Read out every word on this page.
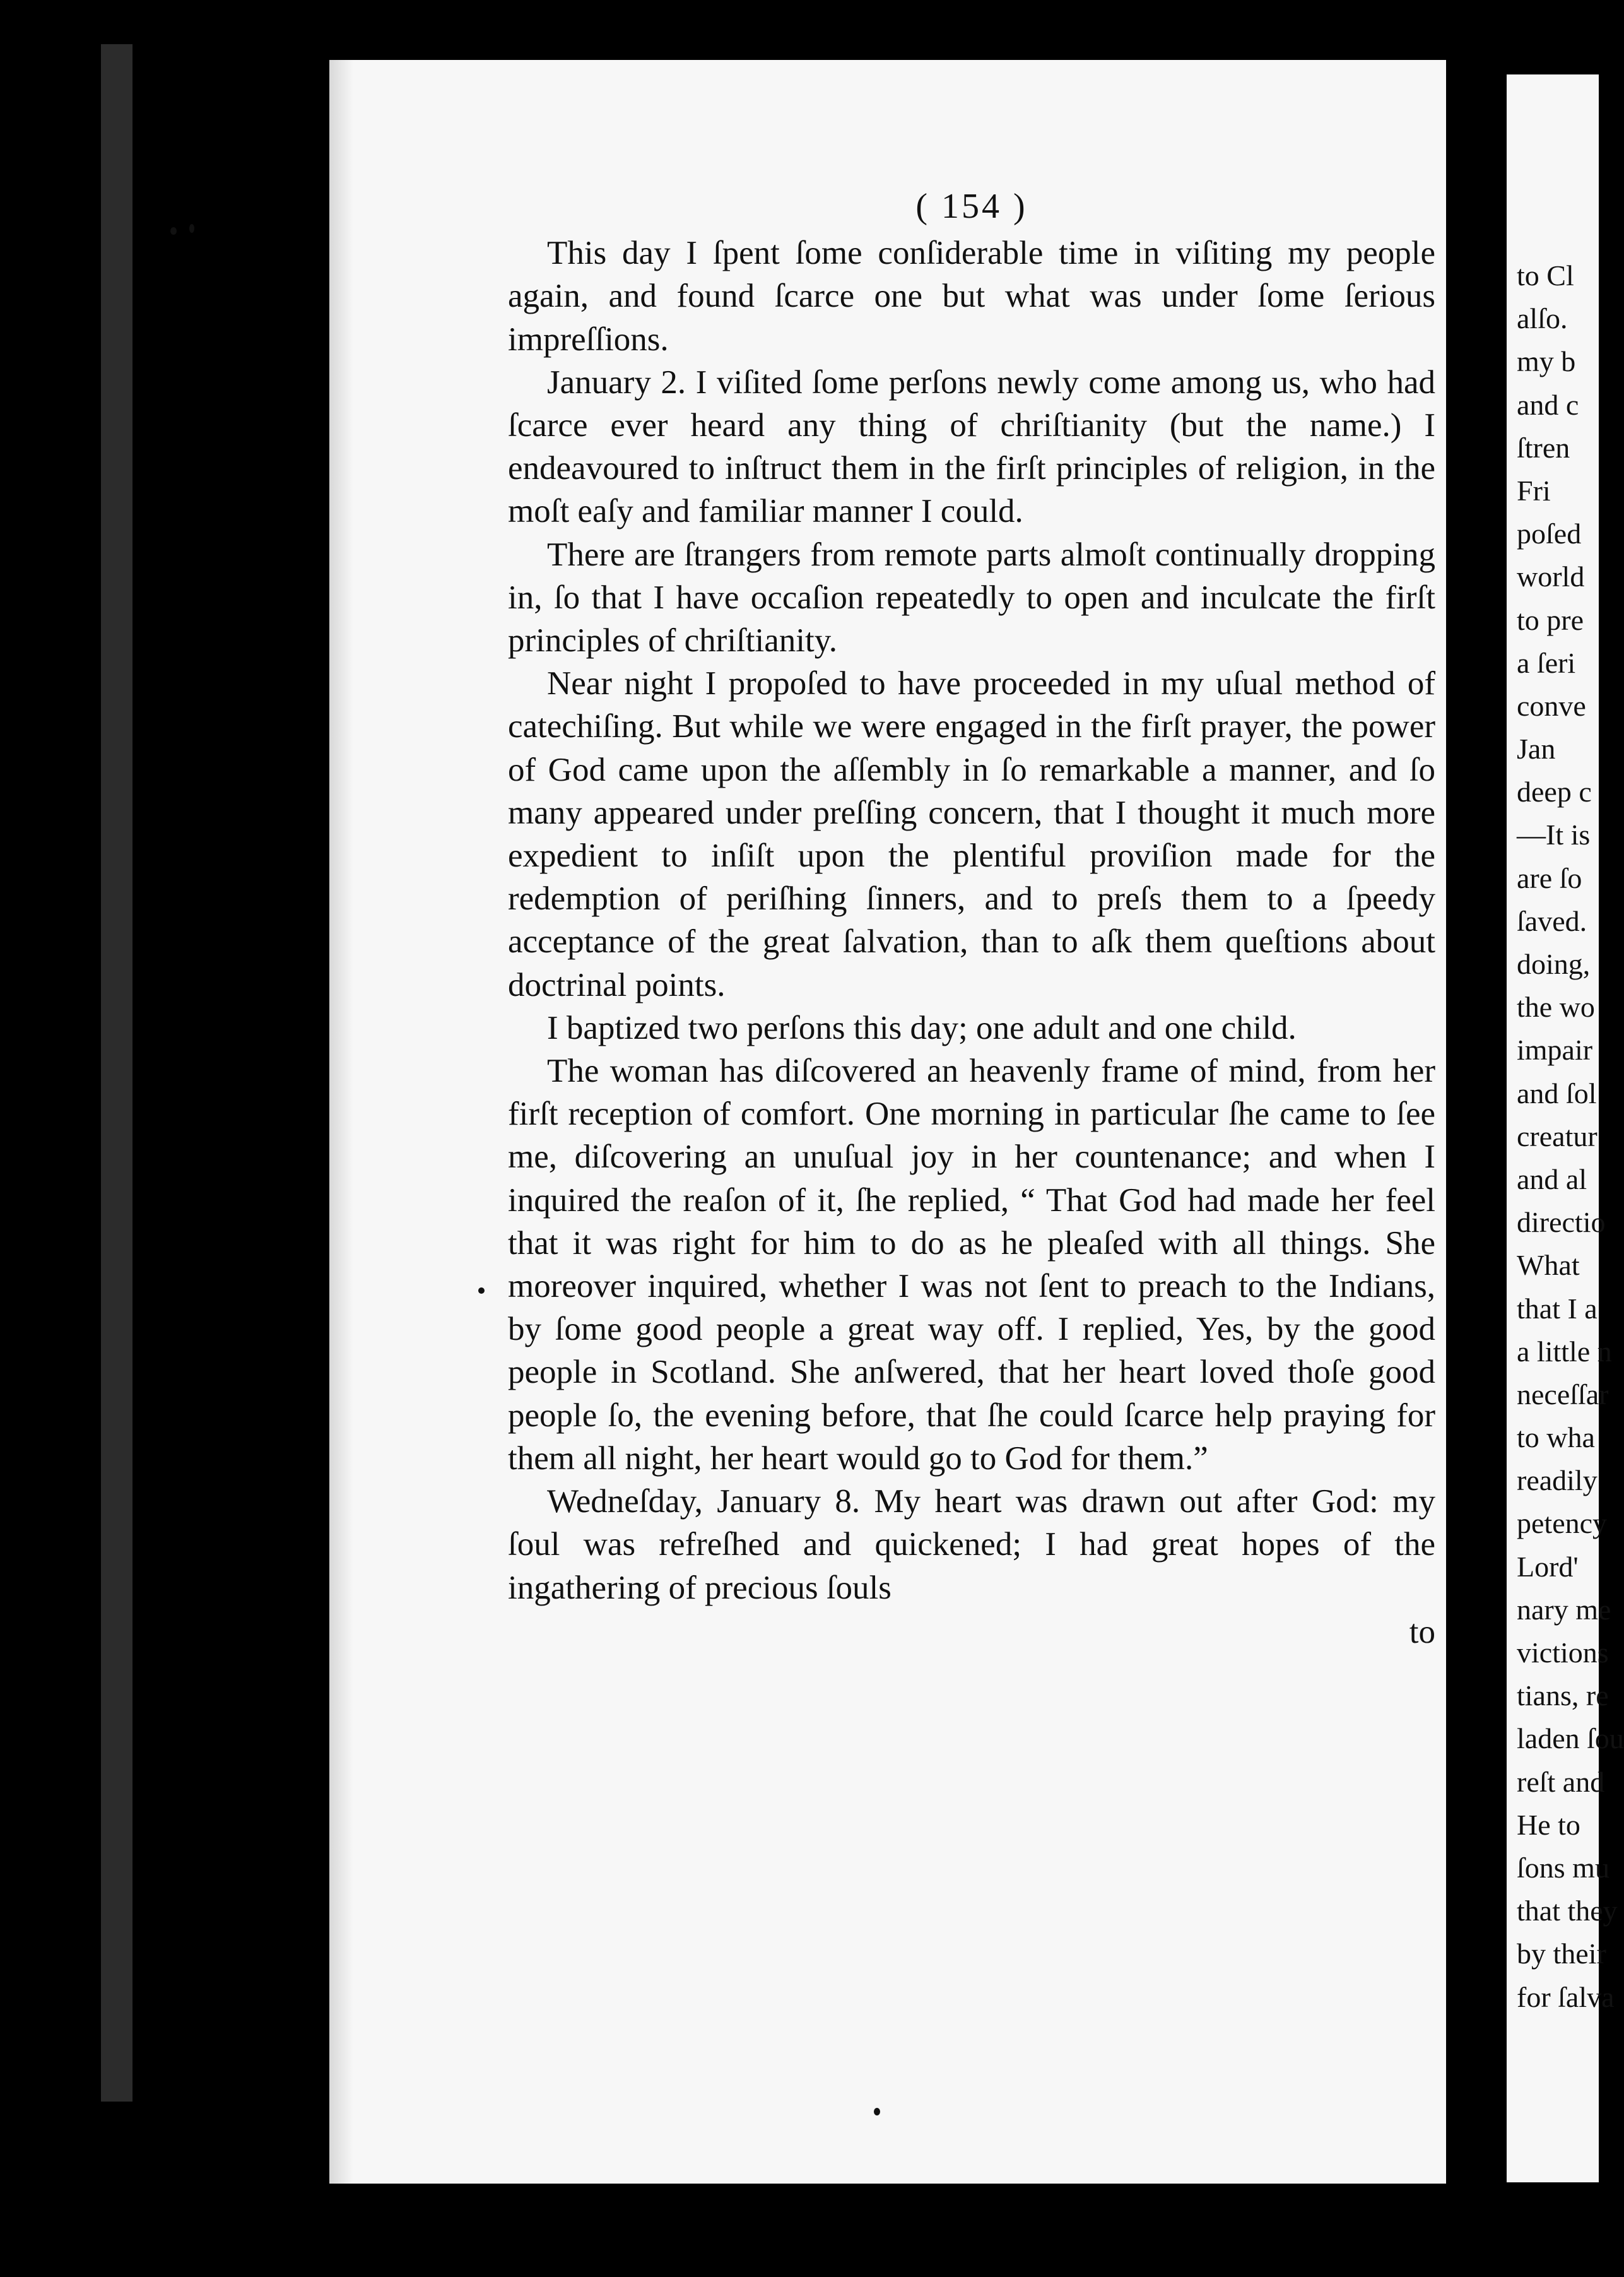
( 154 )

This day I ſpent ſome conſiderable time in viſiting my people again, and found ſcarce one but what was under ſome ſerious impreſſions.

January 2. I viſited ſome perſons newly come among us, who had ſcarce ever heard any thing of chriſtianity (but the name.) I endeavoured to inſtruct them in the firſt principles of religion, in the moſt eaſy and familiar manner I could.

There are ſtrangers from remote parts almoſt continually dropping in, ſo that I have occaſion repeatedly to open and inculcate the firſt principles of chriſtianity.

Near night I propoſed to have proceeded in my uſual method of catechiſing. But while we were engaged in the firſt prayer, the power of God came upon the aſſembly in ſo remarkable a manner, and ſo many appeared under preſſing concern, that I thought it much more expedient to inſiſt upon the plentiful proviſion made for the redemption of periſhing ſinners, and to preſs them to a ſpeedy acceptance of the great ſalvation, than to aſk them queſtions about doctrinal points.

I baptized two perſons this day; one adult and one child.

The woman has diſcovered an heavenly frame of mind, from her firſt reception of comfort. One morning in particular ſhe came to ſee me, diſcovering an unuſual joy in her countenance; and when I inquired the reaſon of it, ſhe replied, “ That God had made her feel that it was right for him to do as he pleaſed with all things. She moreover inquired, whether I was not ſent to preach to the Indians, by ſome good people a great way off. I replied, Yes, by the good people in Scotland. She anſwered, that her heart loved thoſe good people ſo, the evening before, that ſhe could ſcarce help praying for them all night, her heart would go to God for them.”

Wedneſday, January 8. My heart was drawn out after God: my ſoul was refreſhed and quickened; I had great hopes of the ingathering of precious ſouls

to
to Cl
alſo.
my b
and c
ſtren
Fri
poſed
world
to pre
a ſeri
conve
Jan
deep c
—It is
are ſo
ſaved.
doing,
the wo
impair
and ſol
creatur
and al
directio
What
that I a
a little n
neceſſar
to wha
readily
petency
Lord'
nary me
victions
tians, re
laden ſou
reſt and
He to
ſons mu
that they
by their
for ſalva
